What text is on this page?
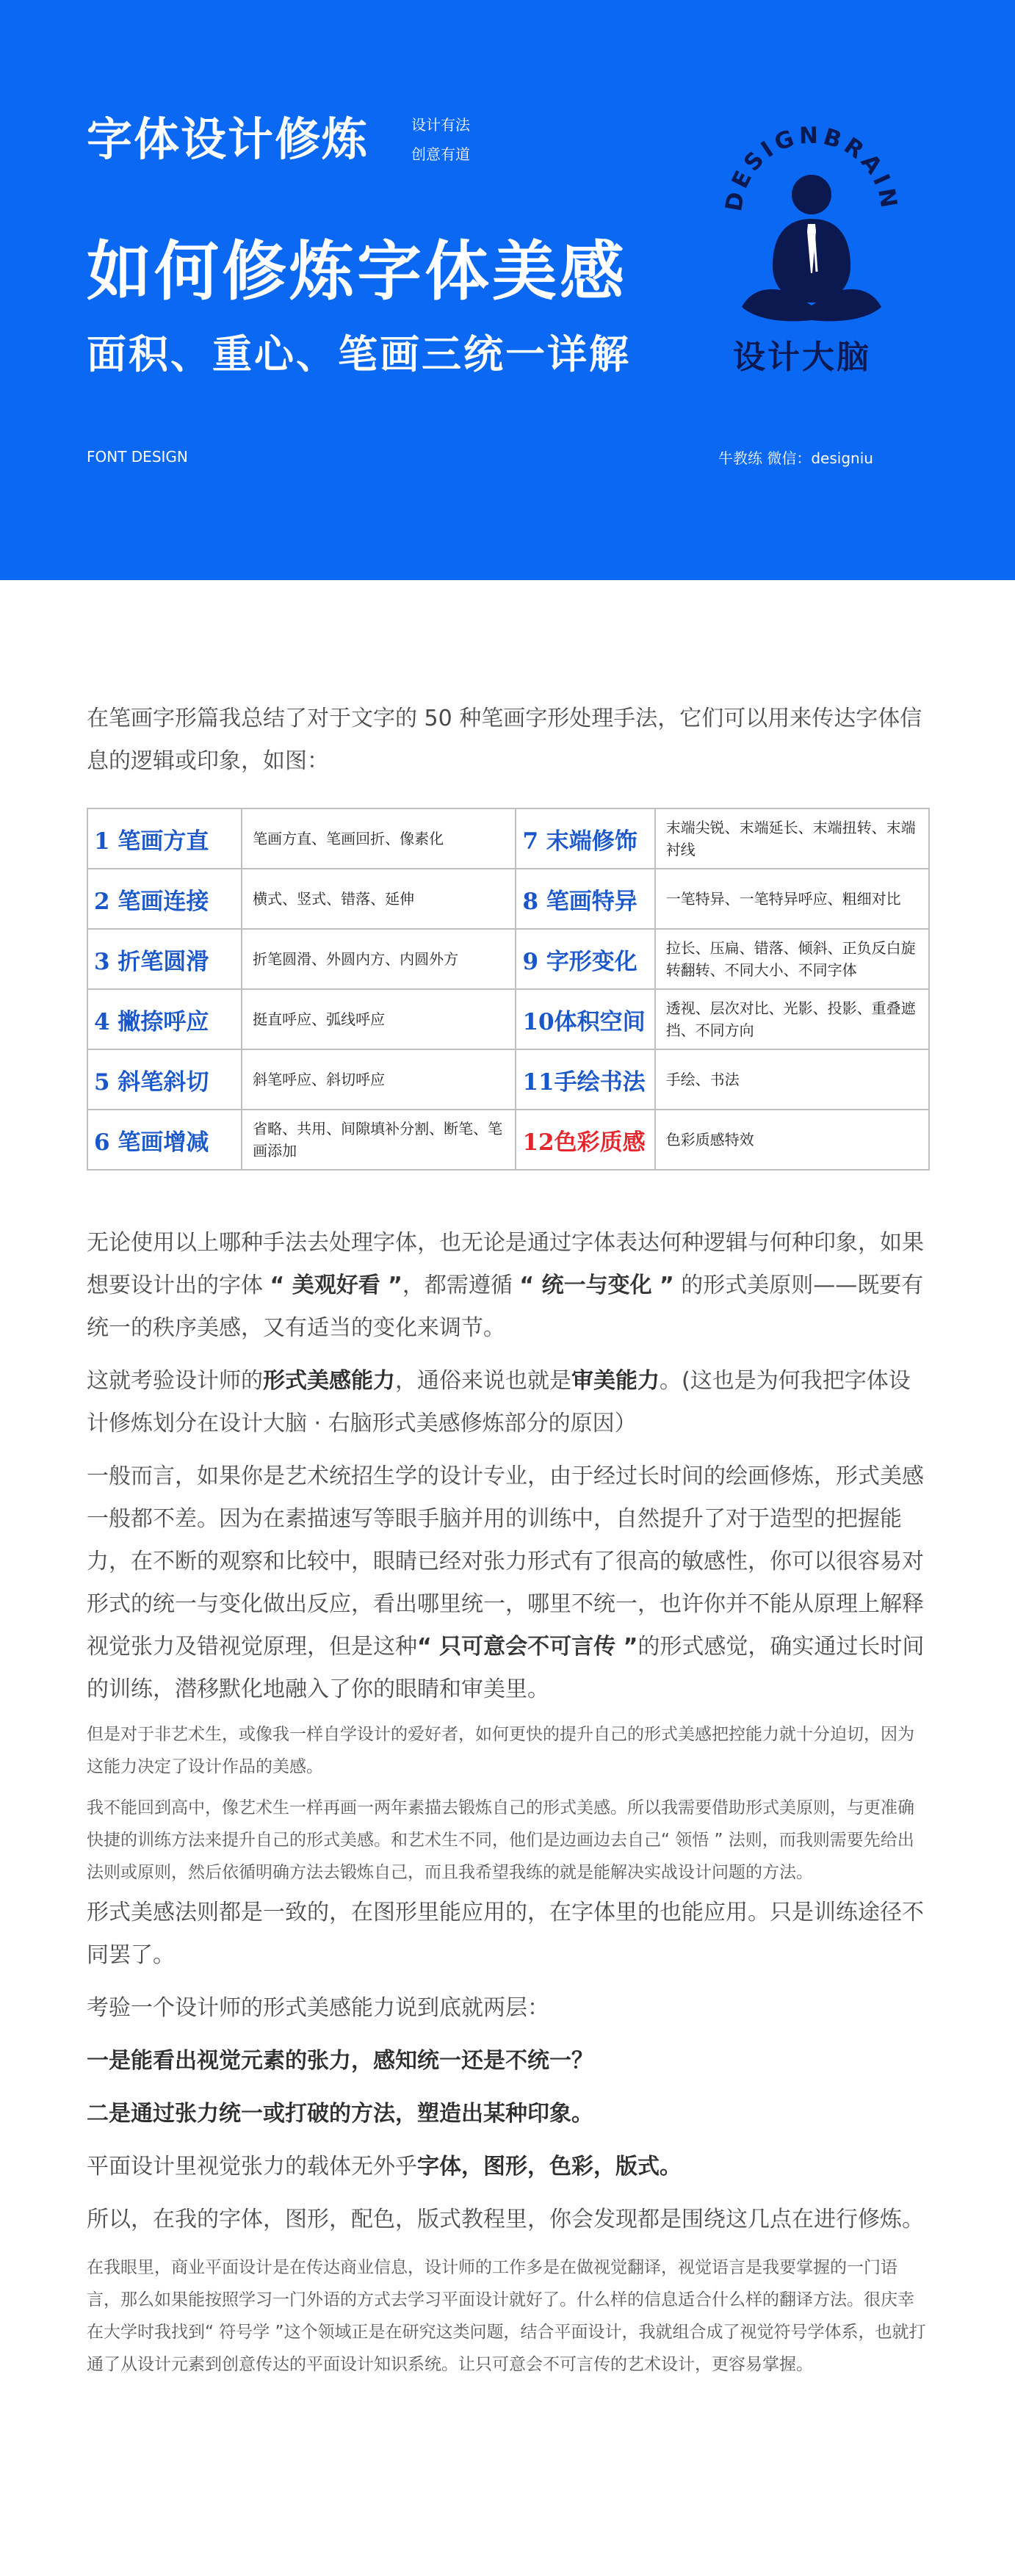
字体设计修炼	设计有法
创意有道
如何修炼字体美感
面积、重心、笔画三统一详解
FONT DESIGN	牛教练 微信：designiu
DESIGNBRAIN
设计大脑

在笔画字形篇我总结了对于文字的 50 种笔画字形处理手法，它们可以用来传达字体信息的逻辑或印象，如图：

1 笔画方直	笔画方直、笔画回折、像素化	7 末端修饰	末端尖锐、末端延长、末端扭转、末端衬线
2 笔画连接	横式、竖式、错落、延伸	8 笔画特异	一笔特异、一笔特异呼应、粗细对比
3 折笔圆滑	折笔圆滑、外圆内方、内圆外方	9 字形变化	拉长、压扁、错落、倾斜、正负反白旋转翻转、不同大小、不同字体
4 撇捺呼应	挺直呼应、弧线呼应	10体积空间	透视、层次对比、光影、投影、重叠遮挡、不同方向
5 斜笔斜切	斜笔呼应、斜切呼应	11手绘书法	手绘、书法
6 笔画增减	省略、共用、间隙填补分割、断笔、笔画添加	12色彩质感	色彩质感特效

无论使用以上哪种手法去处理字体，也无论是通过字体表达何种逻辑与何种印象，如果想要设计出的字体 “ 美观好看 ”，都需遵循 “ 统一与变化 ” 的形式美原则——既要有统一的秩序美感，又有适当的变化来调节。

这就考验设计师的形式美感能力，通俗来说也就是审美能力。(这也是为何我把字体设计修炼划分在设计大脑 · 右脑形式美感修炼部分的原因）

一般而言，如果你是艺术统招生学的设计专业，由于经过长时间的绘画修炼，形式美感一般都不差。因为在素描速写等眼手脑并用的训练中，自然提升了对于造型的把握能力，在不断的观察和比较中，眼睛已经对张力形式有了很高的敏感性，你可以很容易对形式的统一与变化做出反应，看出哪里统一，哪里不统一，也许你并不能从原理上解释视觉张力及错视觉原理，但是这种“ 只可意会不可言传 ”的形式感觉，确实通过长时间的训练，潜移默化地融入了你的眼睛和审美里。

但是对于非艺术生，或像我一样自学设计的爱好者，如何更快的提升自己的形式美感把控能力就十分迫切，因为这能力决定了设计作品的美感。

我不能回到高中，像艺术生一样再画一两年素描去锻炼自己的形式美感。所以我需要借助形式美原则，与更准确快捷的训练方法来提升自己的形式美感。和艺术生不同，他们是边画边去自己“ 领悟 ” 法则，而我则需要先给出法则或原则，然后依循明确方法去锻炼自己，而且我希望我练的就是能解决实战设计问题的方法。

形式美感法则都是一致的，在图形里能应用的，在字体里的也能应用。只是训练途径不同罢了。

考验一个设计师的形式美感能力说到底就两层：

一是能看出视觉元素的张力，感知统一还是不统一？

二是通过张力统一或打破的方法，塑造出某种印象。

平面设计里视觉张力的载体无外乎字体，图形，色彩，版式。

所以，在我的字体，图形，配色，版式教程里，你会发现都是围绕这几点在进行修炼。

在我眼里，商业平面设计是在传达商业信息，设计师的工作多是在做视觉翻译，视觉语言是我要掌握的一门语言，那么如果能按照学习一门外语的方式去学习平面设计就好了。什么样的信息适合什么样的翻译方法。很庆幸在大学时我找到“ 符号学 ”这个领域正是在研究这类问题，结合平面设计，我就组合成了视觉符号学体系，也就打通了从设计元素到创意传达的平面设计知识系统。让只可意会不可言传的艺术设计，更容易掌握。
